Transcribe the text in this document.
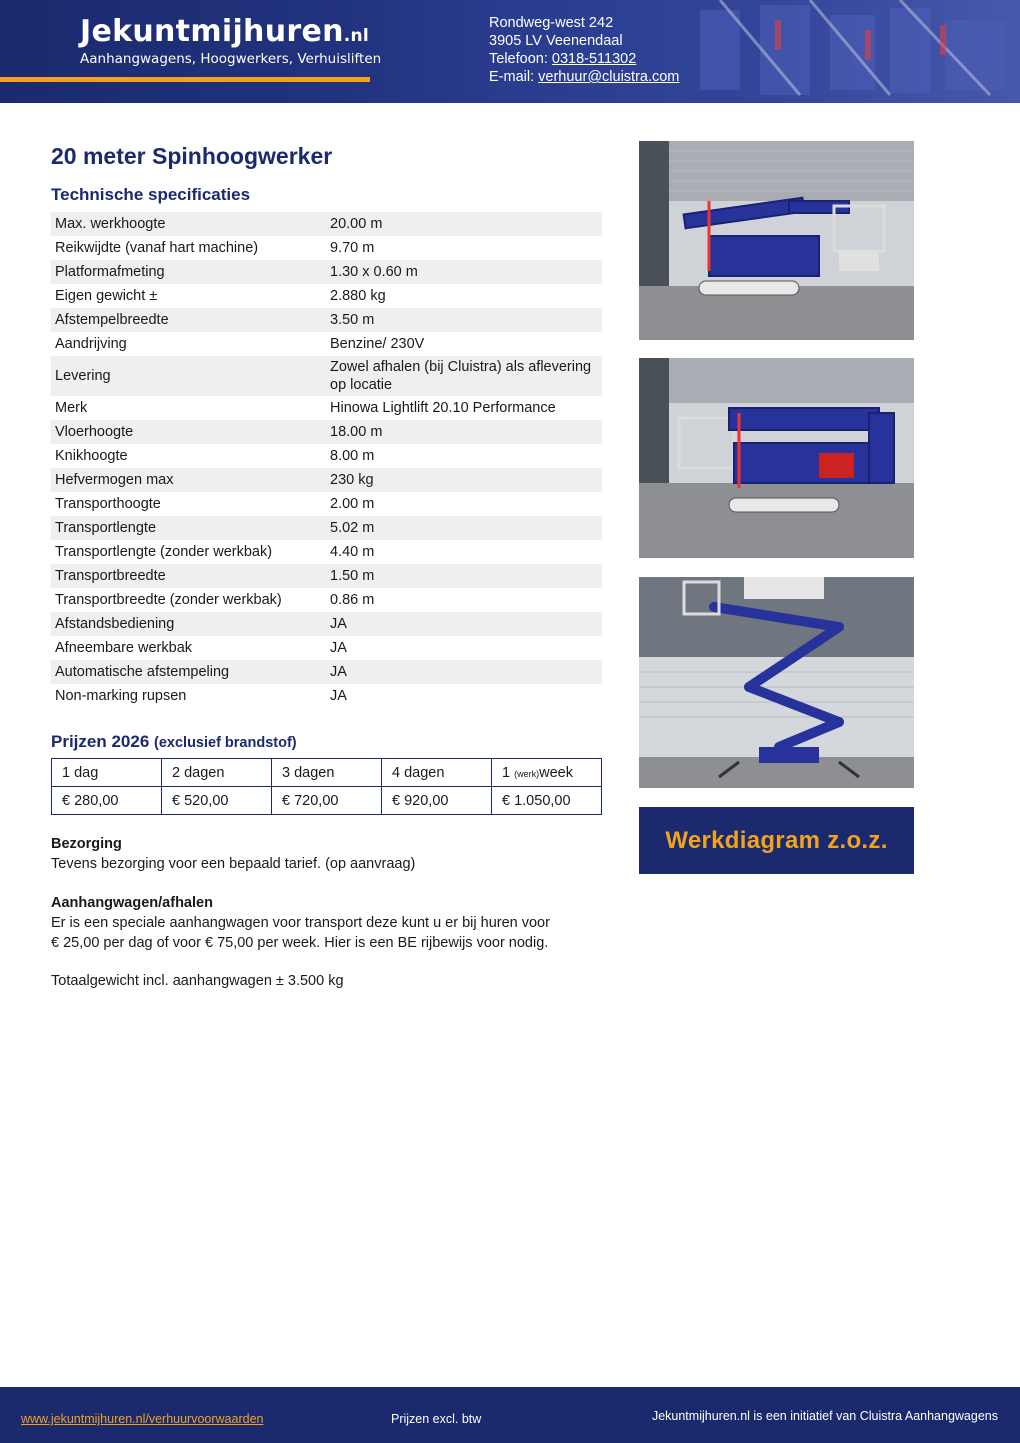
Jekuntmijhuren.nl
Aanhangwagens, Hoogwerkers, Verhuisliften
Rondweg-west 242
3905 LV Veenendaal
Telefoon: 0318-511302
E-mail: verhuur@cluistra.com
20 meter Spinhoogwerker
Technische specificaties
Max. werkhoogte	20.00 m
Reikwijdte (vanaf hart machine)	9.70 m
Platformafmeting	1.30 x 0.60 m
Eigen gewicht ±	2.880 kg
Afstempelbreedte	3.50 m
Aandrijving	Benzine/ 230V
Levering	Zowel afhalen (bij Cluistra) als aflevering op locatie
Merk	Hinowa Lightlift 20.10 Performance
Vloerhoogte	18.00 m
Knikhoogte	8.00 m
Hefvermogen max	230 kg
Transporthoogte	2.00 m
Transportlengte	5.02 m
Transportlengte (zonder werkbak)	4.40 m
Transportbreedte	1.50 m
Transportbreedte (zonder werkbak)	0.86 m
Afstandsbediening	JA
Afneembare werkbak	JA
Automatische afstempeling	JA
Non-marking rupsen	JA
Prijzen 2026 (exclusief brandstof)
1 dag	2 dagen	3 dagen	4 dagen	1 (werk)week
€ 280,00	€ 520,00	€ 720,00	€ 920,00	€ 1.050,00
Bezorging
Tevens bezorging voor een bepaald tarief. (op aanvraag)
Aanhangwagen/afhalen
Er is een speciale aanhangwagen voor transport deze kunt u er bij huren voor
€ 25,00 per dag of voor € 75,00 per week. Hier is een BE rijbewijs voor nodig.
Totaalgewicht incl. aanhangwagen ± 3.500 kg
Werkdiagram z.o.z.
www.jekuntmijhuren.nl/verhuurvoorwaarden	Prijzen excl. btw	Jekuntmijhuren.nl is een initiatief van Cluistra Aanhangwagens
